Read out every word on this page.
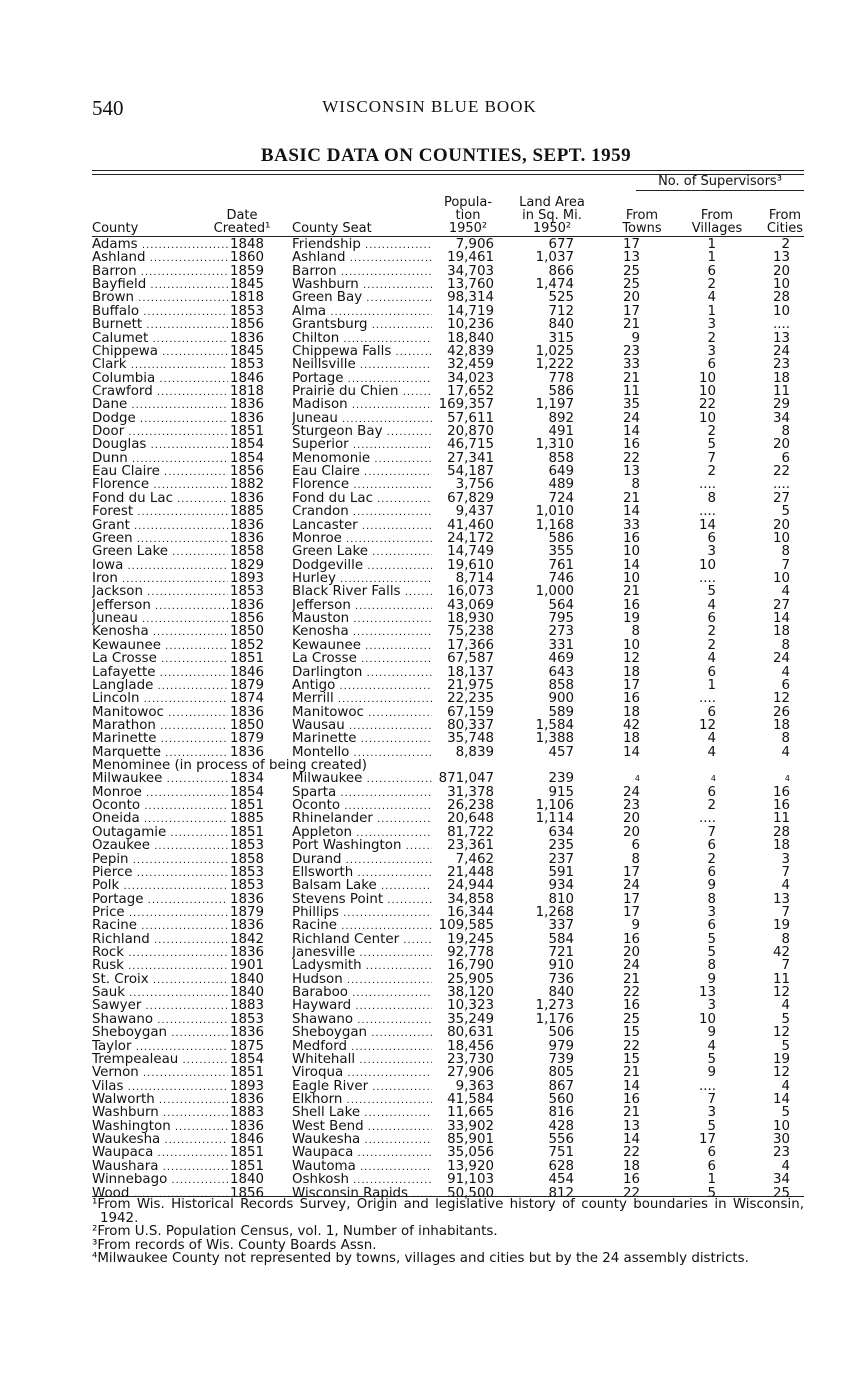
540	WISCONSIN BLUE BOOK
BASIC DATA ON COUNTIES, SEPT. 1959
No. of Supervisors³
County
Date
Created¹ County Seat
Popula-
tion
1950²
Land Area
in Sq. Mi.
1950²
From
Towns
From
Villages
From
Cities
Adams .....	1848 Friendship .....	7,906	677	17	1	2
Ashland .....	1860 Ashland .....	19,461	1,037	13	1	13
Barron .....	1859 Barron .....	34,703	866	25	6	20
Bayfield .....	1845 Washburn .....	13,760	1,474	25	2	10
Brown .....	1818 Green Bay .....	98,314	525	20	4	28
Buffalo .....	1853 Alma .....	14,719	712	17	1	10
Burnett .....	1856 Grantsburg .....	10,236	840	21	3	....
Calumet .....	1836 Chilton .....	18,840	315	9	2	13
Chippewa .....	1845 Chippewa Falls .....	42,839	1,025	23	3	24
Clark .....	1853 Neillsville .....	32,459	1,222	33	6	23
Columbia .....	1846 Portage .....	34,023	778	21	10	18
Crawford .....	1818 Prairie du Chien .....	17,652	586	11	10	11
Dane .....	1836 Madison .....	169,357	1,197	35	22	29
Dodge .....	1836 Juneau .....	57,611	892	24	10	34
Door .....	1851 Sturgeon Bay .....	20,870	491	14	2	8
Douglas .....	1854 Superior .....	46,715	1,310	16	5	20
Dunn .....	1854 Menomonie .....	27,341	858	22	7	6
Eau Claire .....	1856 Eau Claire .....	54,187	649	13	2	22
Florence .....	1882 Florence .....	3,756	489	8	....	....
Fond du Lac .....	1836 Fond du Lac .....	67,829	724	21	8	27
Forest .....	1885 Crandon .....	9,437	1,010	14	....	5
Grant .....	1836 Lancaster .....	41,460	1,168	33	14	20
Green .....	1836 Monroe .....	24,172	586	16	6	10
Green Lake .....	1858 Green Lake .....	14,749	355	10	3	8
Iowa .....	1829 Dodgeville .....	19,610	761	14	10	7
Iron .....	1893 Hurley .....	8,714	746	10	....	10
Jackson .....	1853 Black River Falls .....	16,073	1,000	21	5	4
Jefferson .....	1836 Jefferson .....	43,069	564	16	4	27
Juneau .....	1856 Mauston .....	18,930	795	19	6	14
Kenosha .....	1850 Kenosha .....	75,238	273	8	2	18
Kewaunee .....	1852 Kewaunee .....	17,366	331	10	2	8
La Crosse .....	1851 La Crosse .....	67,587	469	12	4	24
Lafayette .....	1846 Darlington .....	18,137	643	18	6	4
Langlade .....	1879 Antigo .....	21,975	858	17	1	6
Lincoln .....	1874 Merrill .....	22,235	900	16	....	12
Manitowoc .....	1836 Manitowoc .....	67,159	589	18	6	26
Marathon .....	1850 Wausau .....	80,337	1,584	42	12	18
Marinette .....	1879 Marinette .....	35,748	1,388	18	4	8
Marquette .....	1836 Montello .....	8,839	457	14	4	4
Menominee (in process of being created)
Milwaukee .....	1834 Milwaukee .....	871,047	239	4	4	4
Monroe .....	1854 Sparta .....	31,378	915	24	6	16
Oconto .....	1851 Oconto .....	26,238	1,106	23	2	16
Oneida .....	1885 Rhinelander .....	20,648	1,114	20	....	11
Outagamie .....	1851 Appleton .....	81,722	634	20	7	28
Ozaukee .....	1853 Port Washington .....	23,361	235	6	6	18
Pepin .....	1858 Durand .....	7,462	237	8	2	3
Pierce .....	1853 Ellsworth .....	21,448	591	17	6	7
Polk .....	1853 Balsam Lake .....	24,944	934	24	9	4
Portage .....	1836 Stevens Point .....	34,858	810	17	8	13
Price .....	1879 Phillips .....	16,344	1,268	17	3	7
Racine .....	1836 Racine .....	109,585	337	9	6	19
Richland .....	1842 Richland Center .....	19,245	584	16	5	8
Rock .....	1836 Janesville .....	92,778	721	20	5	42
Rusk .....	1901 Ladysmith .....	16,790	910	24	8	7
St. Croix .....	1840 Hudson .....	25,905	736	21	9	11
Sauk .....	1840 Baraboo .....	38,120	840	22	13	12
Sawyer .....	1883 Hayward .....	10,323	1,273	16	3	4
Shawano .....	1853 Shawano .....	35,249	1,176	25	10	5
Sheboygan .....	1836 Sheboygan .....	80,631	506	15	9	12
Taylor .....	1875 Medford .....	18,456	979	22	4	5
Trempealeau .....	1854 Whitehall .....	23,730	739	15	5	19
Vernon .....	1851 Viroqua .....	27,906	805	21	9	12
Vilas .....	1893 Eagle River .....	9,363	867	14	....	4
Walworth .....	1836 Elkhorn .....	41,584	560	16	7	14
Washburn .....	1883 Shell Lake .....	11,665	816	21	3	5
Washington .....	1836 West Bend .....	33,902	428	13	5	10
Waukesha .....	1846 Waukesha .....	85,901	556	14	17	30
Waupaca .....	1851 Waupaca .....	35,056	751	22	6	23
Waushara .....	1851 Wautoma .....	13,920	628	18	6	4
Winnebago .....	1840 Oshkosh .....	91,103	454	16	1	34
Wood .....	1856 Wisconsin Rapids .....	50,500	812	22	5	25
¹From Wis. Historical Records Survey, Origin and legislative history of county boundaries in Wisconsin, 1942.
²From U.S. Population Census, vol. 1, Number of inhabitants.
³From records of Wis. County Boards Assn.
⁴Milwaukee County not represented by towns, villages and cities but by the 24 assembly districts.
